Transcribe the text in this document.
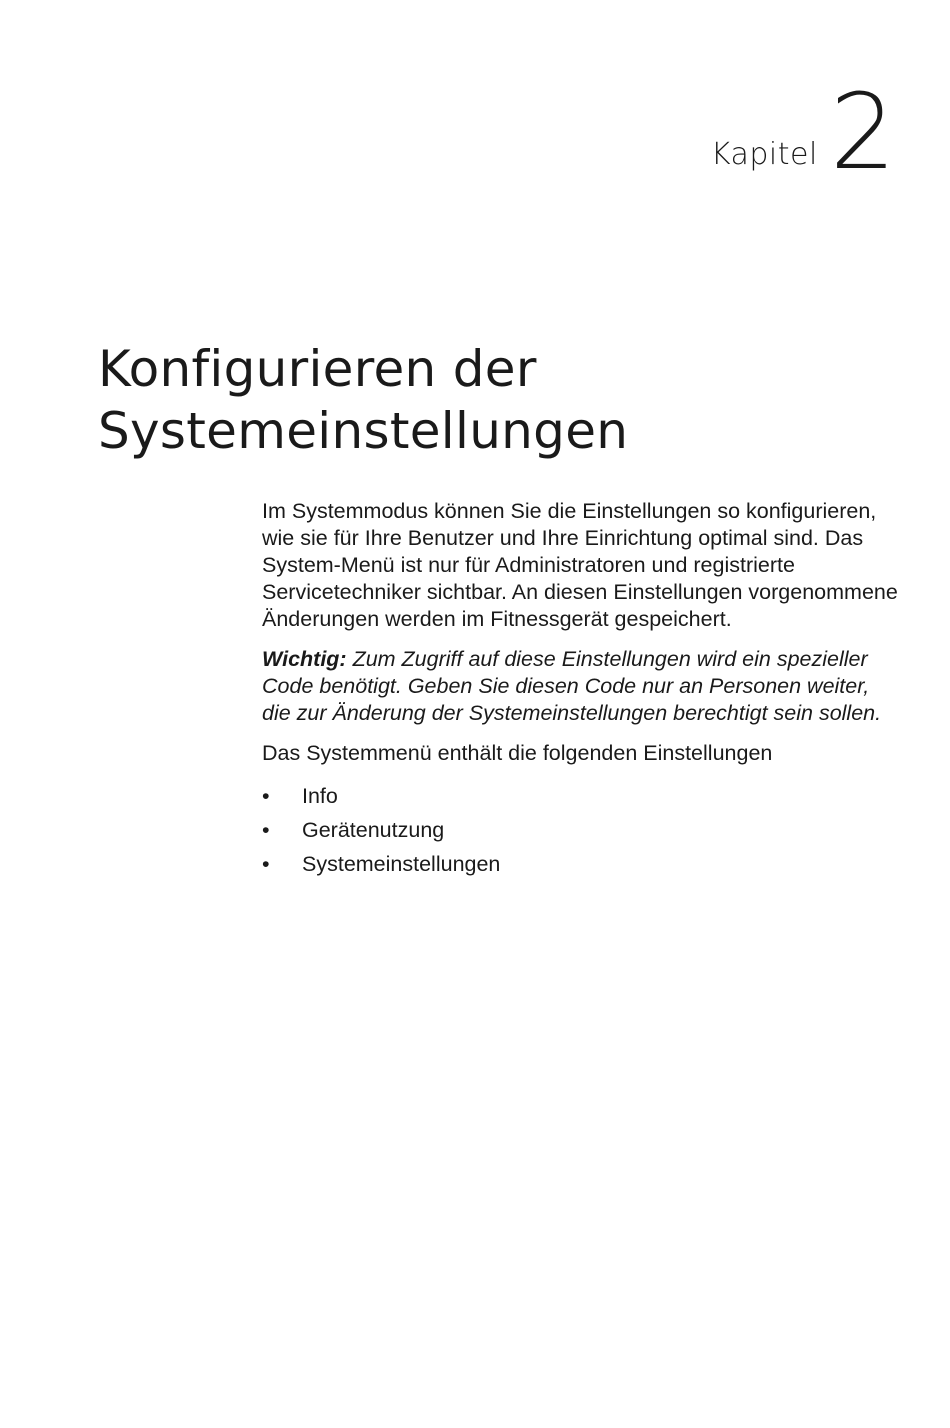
Kapitel 2
Konfigurieren der
Systemeinstellungen

Im Systemmodus können Sie die Einstellungen so konfigurieren, wie sie für Ihre Benutzer und Ihre Einrichtung optimal sind. Das System-Menü ist nur für Administratoren und registrierte Servicetechniker sichtbar. An diesen Einstellungen vorgenommene Änderungen werden im Fitnessgerät gespeichert.

Wichtig: Zum Zugriff auf diese Einstellungen wird ein spezieller Code benötigt. Geben Sie diesen Code nur an Personen weiter, die zur Änderung der Systemeinstellungen berechtigt sein sollen.

Das Systemmenü enthält die folgenden Einstellungen

• Info
• Gerätenutzung
• Systemeinstellungen
